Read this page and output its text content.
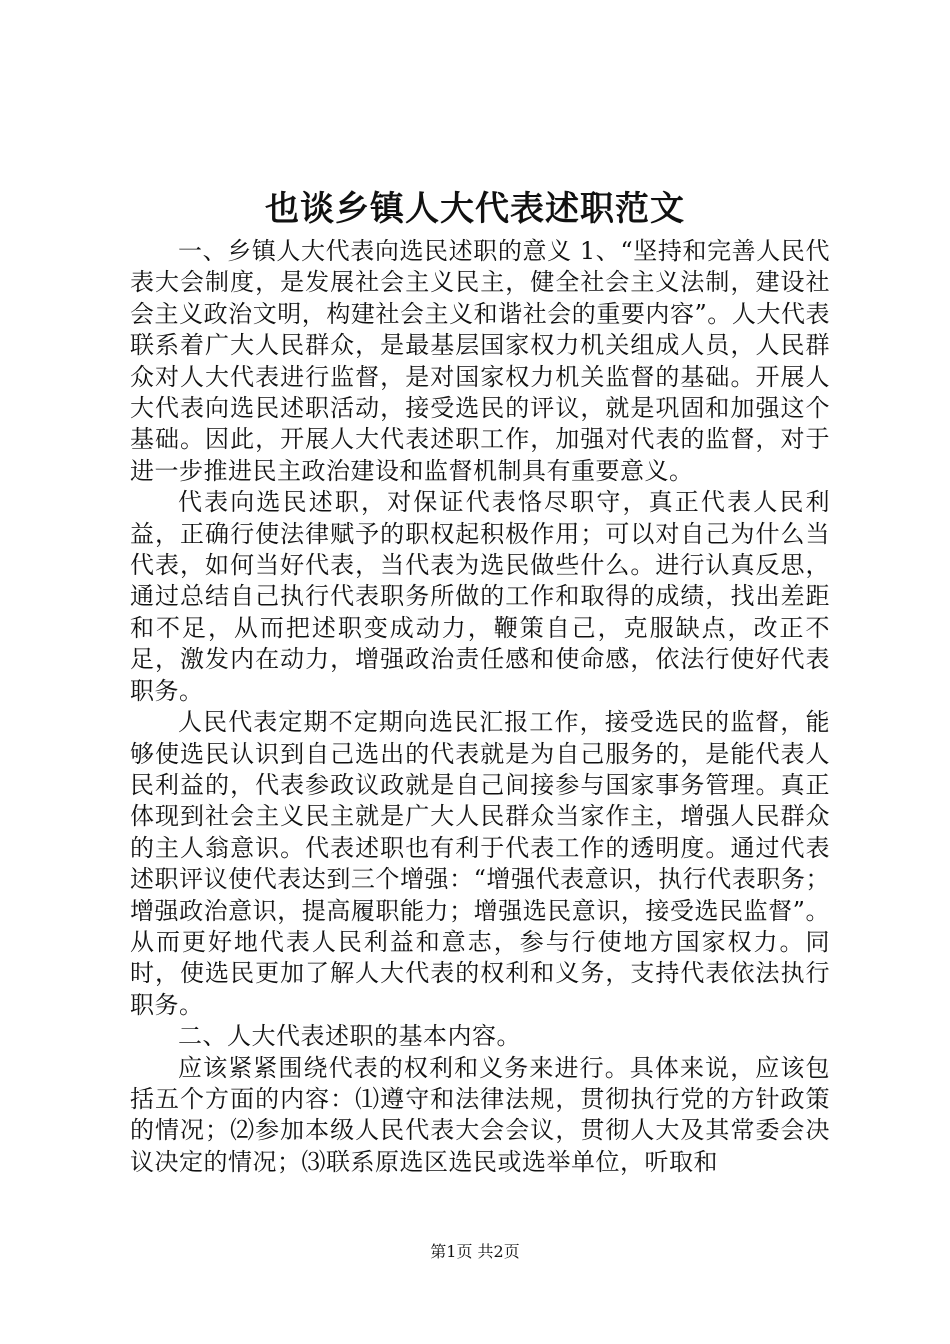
也谈乡镇人大代表述职范文

一、乡镇人大代表向选民述职的意义 1、“坚持和完善人民代表大会制度，是发展社会主义民主，健全社会主义法制，建设社会主义政治文明，构建社会主义和谐社会的重要内容”。人大代表联系着广大人民群众，是最基层国家权力机关组成人员，人民群众对人大代表进行监督，是对国家权力机关监督的基础。开展人大代表向选民述职活动，接受选民的评议，就是巩固和加强这个基础。因此，开展人大代表述职工作，加强对代表的监督，对于进一步推进民主政治建设和监督机制具有重要意义。

代表向选民述职，对保证代表恪尽职守，真正代表人民利益，正确行使法律赋予的职权起积极作用；可以对自己为什么当代表，如何当好代表，当代表为选民做些什么。进行认真反思，通过总结自己执行代表职务所做的工作和取得的成绩，找出差距和不足，从而把述职变成动力，鞭策自己，克服缺点，改正不足，激发内在动力，增强政治责任感和使命感，依法行使好代表职务。

人民代表定期不定期向选民汇报工作，接受选民的监督，能够使选民认识到自己选出的代表就是为自己服务的，是能代表人民利益的，代表参政议政就是自己间接参与国家事务管理。真正体现到社会主义民主就是广大人民群众当家作主，增强人民群众的主人翁意识。代表述职也有利于代表工作的透明度。通过代表述职评议使代表达到三个增强：“增强代表意识，执行代表职务；增强政治意识，提高履职能力；增强选民意识，接受选民监督”。从而更好地代表人民利益和意志，参与行使地方国家权力。同时，使选民更加了解人大代表的权利和义务，支持代表依法执行职务。

二、人大代表述职的基本内容。

应该紧紧围绕代表的权利和义务来进行。具体来说，应该包括五个方面的内容：⑴遵守和法律法规，贯彻执行党的方针政策的情况；⑵参加本级人民代表大会会议，贯彻人大及其常委会决议决定的情况；⑶联系原选区选民或选举单位，听取和

第1页 共2页
